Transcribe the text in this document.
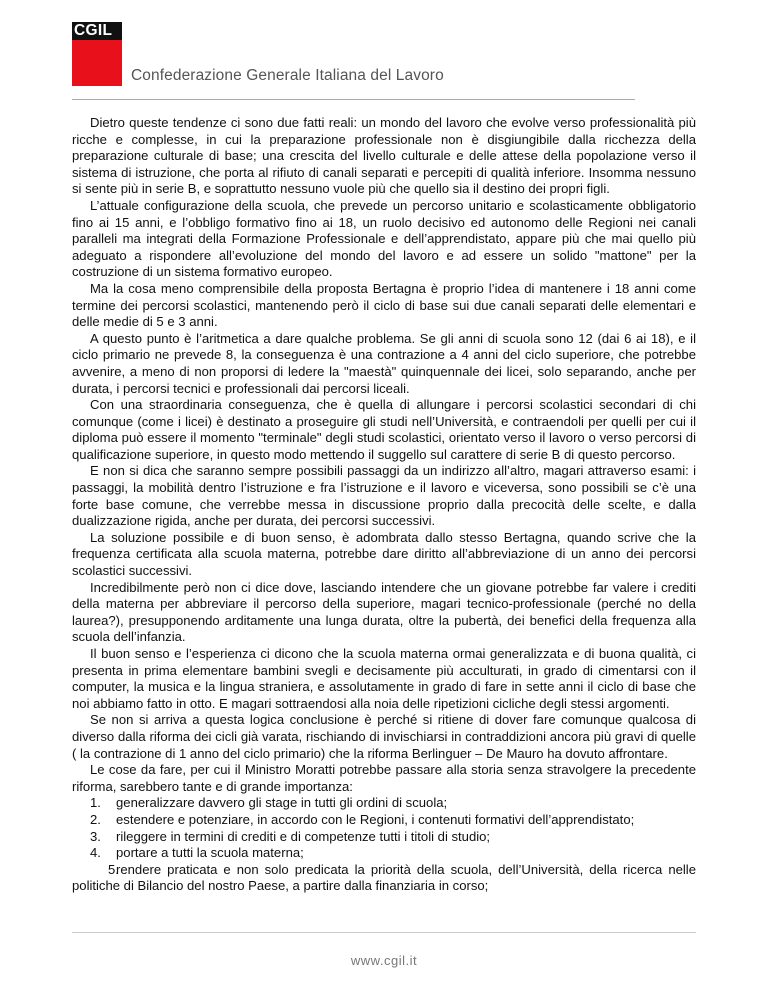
CGIL
Confederazione Generale Italiana del Lavoro

Dietro queste tendenze ci sono due fatti reali: un mondo del lavoro che evolve verso professionalità più ricche e complesse, in cui la preparazione professionale non è disgiungibile dalla ricchezza della preparazione culturale di base; una crescita del livello culturale e delle attese della popolazione verso il sistema di istruzione, che porta al rifiuto di canali separati e percepiti di qualità inferiore. Insomma nessuno si sente più in serie B, e soprattutto nessuno vuole più che quello sia il destino dei propri figli.

L’attuale configurazione della scuola, che prevede un percorso unitario e scolasticamente obbligatorio fino ai 15 anni, e l’obbligo formativo fino ai 18, un ruolo decisivo ed autonomo delle Regioni nei canali paralleli ma integrati della Formazione Professionale e dell’apprendistato, appare più che mai quello più adeguato a rispondere all’evoluzione del mondo del lavoro e ad essere un solido "mattone" per la costruzione di un sistema formativo europeo.

Ma la cosa meno comprensibile della proposta Bertagna è proprio l’idea di mantenere i 18 anni come termine dei percorsi scolastici, mantenendo però il ciclo di base sui due canali separati delle elementari e delle medie di 5 e 3 anni.

A questo punto è l’aritmetica a dare qualche problema. Se gli anni di scuola sono 12 (dai 6 ai 18), e il ciclo primario ne prevede 8, la conseguenza è una contrazione a 4 anni del ciclo superiore, che potrebbe avvenire, a meno di non proporsi di ledere la "maestà" quinquennale dei licei, solo separando, anche per durata, i percorsi tecnici e professionali dai percorsi liceali.

Con una straordinaria conseguenza, che è quella di allungare i percorsi scolastici secondari di chi comunque (come i licei) è destinato a proseguire gli studi nell’Università, e contraendoli per quelli per cui il diploma può essere il momento "terminale" degli studi scolastici, orientato verso il lavoro o verso percorsi di qualificazione superiore, in questo modo mettendo il suggello sul carattere di serie B di questo percorso.

E non si dica che saranno sempre possibili passaggi da un indirizzo all’altro, magari attraverso esami: i passaggi, la mobilità dentro l’istruzione e fra l’istruzione e il lavoro e viceversa, sono possibili se c’è una forte base comune, che verrebbe messa in discussione proprio dalla precocità delle scelte, e dalla dualizzazione rigida, anche per durata, dei percorsi successivi.

La soluzione possibile e di buon senso, è adombrata dallo stesso Bertagna, quando scrive che la frequenza certificata alla scuola materna, potrebbe dare diritto all’abbreviazione di un anno dei percorsi scolastici successivi.

Incredibilmente però non ci dice dove, lasciando intendere che un giovane potrebbe far valere i crediti della materna per abbreviare il percorso della superiore, magari tecnico-professionale (perché no della laurea?), presupponendo arditamente una lunga durata, oltre la pubertà, dei benefici della frequenza alla scuola dell’infanzia.

Il buon senso e l’esperienza ci dicono che la scuola materna ormai generalizzata e di buona qualità, ci presenta in prima elementare bambini svegli e decisamente più acculturati, in grado di cimentarsi con il computer, la musica e la lingua straniera, e assolutamente in grado di fare in sette anni il ciclo di base che noi abbiamo fatto in otto. E magari sottraendosi alla noia delle ripetizioni cicliche degli stessi argomenti.

Se non si arriva a questa logica conclusione è perché si ritiene di dover fare comunque qualcosa di diverso dalla riforma dei cicli già varata, rischiando di invischiarsi in contraddizioni ancora più gravi di quelle ( la contrazione di 1 anno del ciclo primario) che la riforma Berlinguer – De Mauro ha dovuto affrontare.

Le cose da fare, per cui il Ministro Moratti potrebbe passare alla storia senza stravolgere la precedente riforma, sarebbero tante e di grande importanza:

1. generalizzare davvero gli stage in tutti gli ordini di scuola;
2. estendere e potenziare, in accordo con le Regioni, i contenuti formativi dell’apprendistato;
3. rileggere in termini di crediti e di competenze tutti i titoli di studio;
4. portare a tutti la scuola materna;
5.rendere praticata e non solo predicata la priorità della scuola, dell’Università, della ricerca nelle politiche di Bilancio del nostro Paese, a partire dalla finanziaria in corso;
www.cgil.it
